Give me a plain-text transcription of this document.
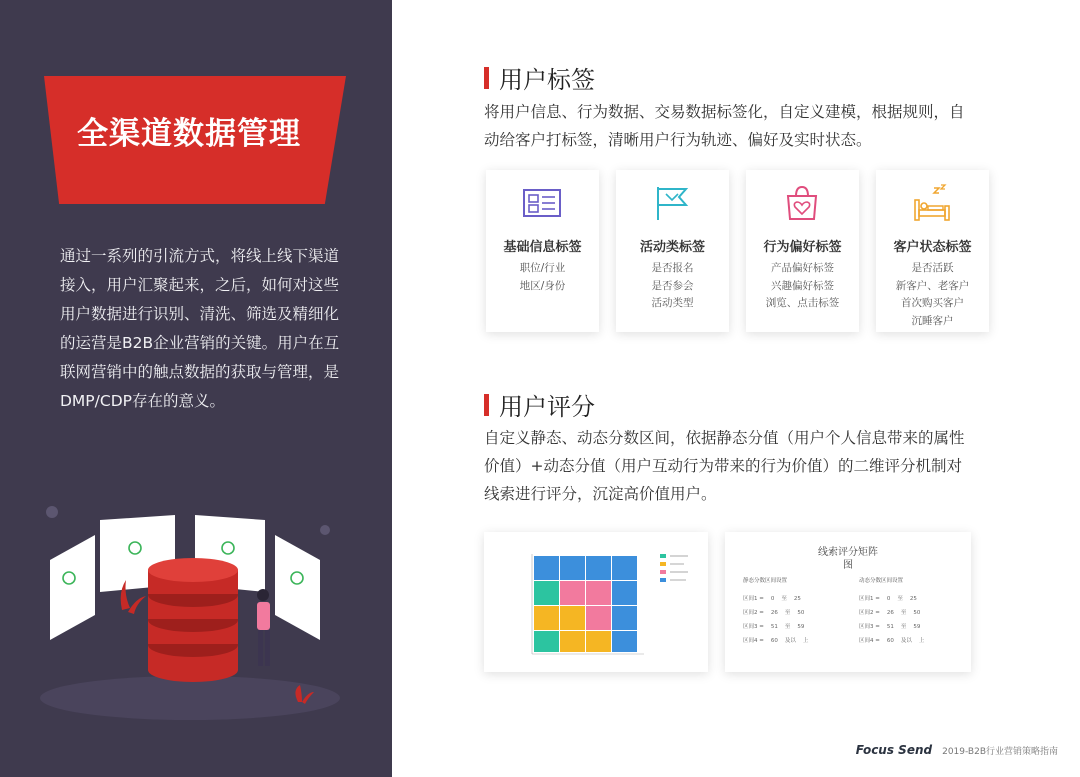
全渠道数据管理
通过一系列的引流方式，将线上线下渠道接入，用户汇聚起来，之后，如何对这些用户数据进行识别、清洗、筛选及精细化的运营是B2B企业营销的关键。用户在互联网营销中的触点数据的获取与管理，是DMP/CDP存在的意义。
用户标签
将用户信息、行为数据、交易数据标签化，自定义建模，根据规则，自动给客户打标签，清晰用户行为轨迹、偏好及实时状态。
基础信息标签
职位/行业
地区/身份
活动类标签
是否报名
是否参会
活动类型
行为偏好标签
产品偏好标签
兴趣偏好标签
浏览、点击标签
客户状态标签
是否活跃
新客户、老客户
首次购买客户
沉睡客户
用户评分
自定义静态、动态分数区间，依据静态分值（用户个人信息带来的属性价值）+动态分值（用户互动行为带来的行为价值）的二维评分机制对线索进行评分，沉淀高价值用户。
线索评分矩阵
图
静态分数区间设置	动态分数区间设置
区间1 = 0 至 25
区间2 = 26 至 50
区间3 = 51 至 59
区间4 = 60 及以 上
区间1 = 0 至 25
区间2 = 26 至 50
区间3 = 51 至 59
区间4 = 60 及以 上
Focus Send 2019-B2B行业营销策略指南
